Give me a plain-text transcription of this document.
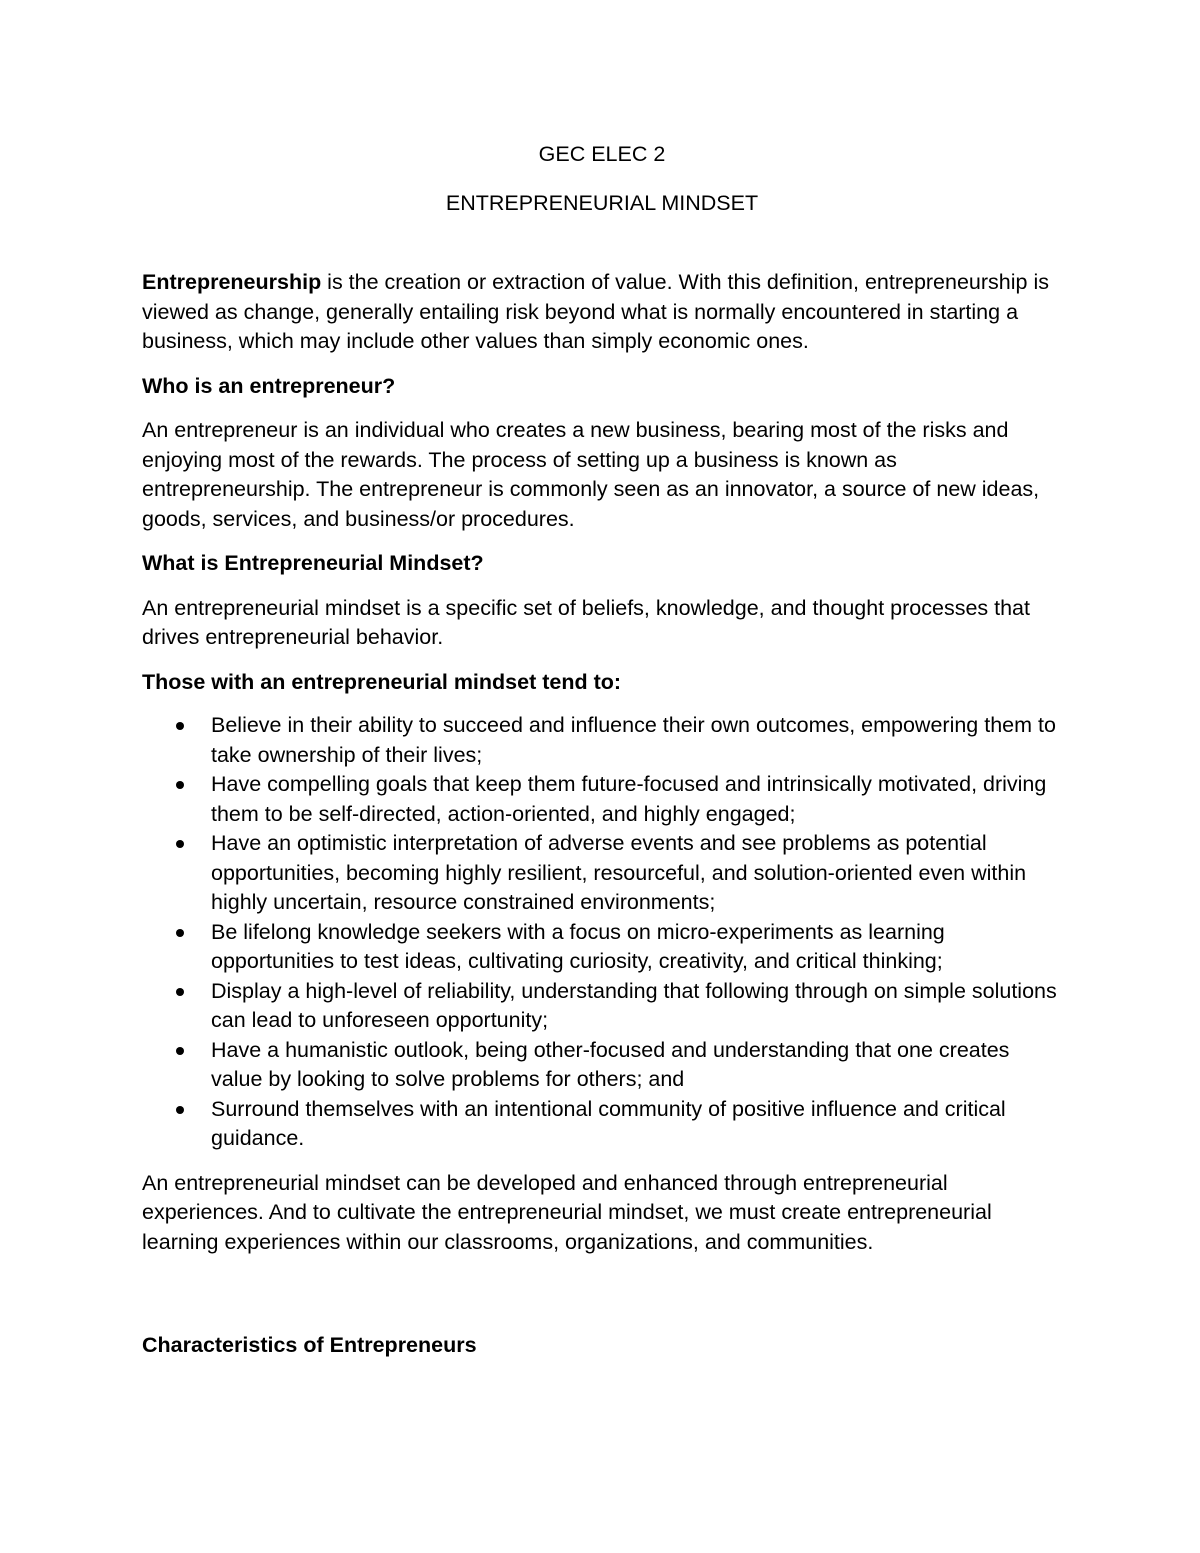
GEC ELEC 2
ENTREPRENEURIAL MINDSET

Entrepreneurship is the creation or extraction of value. With this definition, entrepreneurship is viewed as change, generally entailing risk beyond what is normally encountered in starting a business, which may include other values than simply economic ones.

Who is an entrepreneur?

An entrepreneur is an individual who creates a new business, bearing most of the risks and enjoying most of the rewards. The process of setting up a business is known as entrepreneurship. The entrepreneur is commonly seen as an innovator, a source of new ideas, goods, services, and business/or procedures.

What is Entrepreneurial Mindset?

An entrepreneurial mindset is a specific set of beliefs, knowledge, and thought processes that drives entrepreneurial behavior.

Those with an entrepreneurial mindset tend to:
Believe in their ability to succeed and influence their own outcomes, empowering them to take ownership of their lives;
Have compelling goals that keep them future-focused and intrinsically motivated, driving them to be self-directed, action-oriented, and highly engaged;
Have an optimistic interpretation of adverse events and see problems as potential opportunities, becoming highly resilient, resourceful, and solution-oriented even within highly uncertain, resource constrained environments;
Be lifelong knowledge seekers with a focus on micro-experiments as learning opportunities to test ideas, cultivating curiosity, creativity, and critical thinking;
Display a high-level of reliability, understanding that following through on simple solutions can lead to unforeseen opportunity;
Have a humanistic outlook, being other-focused and understanding that one creates value by looking to solve problems for others; and
Surround themselves with an intentional community of positive influence and critical guidance.

An entrepreneurial mindset can be developed and enhanced through entrepreneurial experiences. And to cultivate the entrepreneurial mindset, we must create entrepreneurial learning experiences within our classrooms, organizations, and communities.

Characteristics of Entrepreneurs
